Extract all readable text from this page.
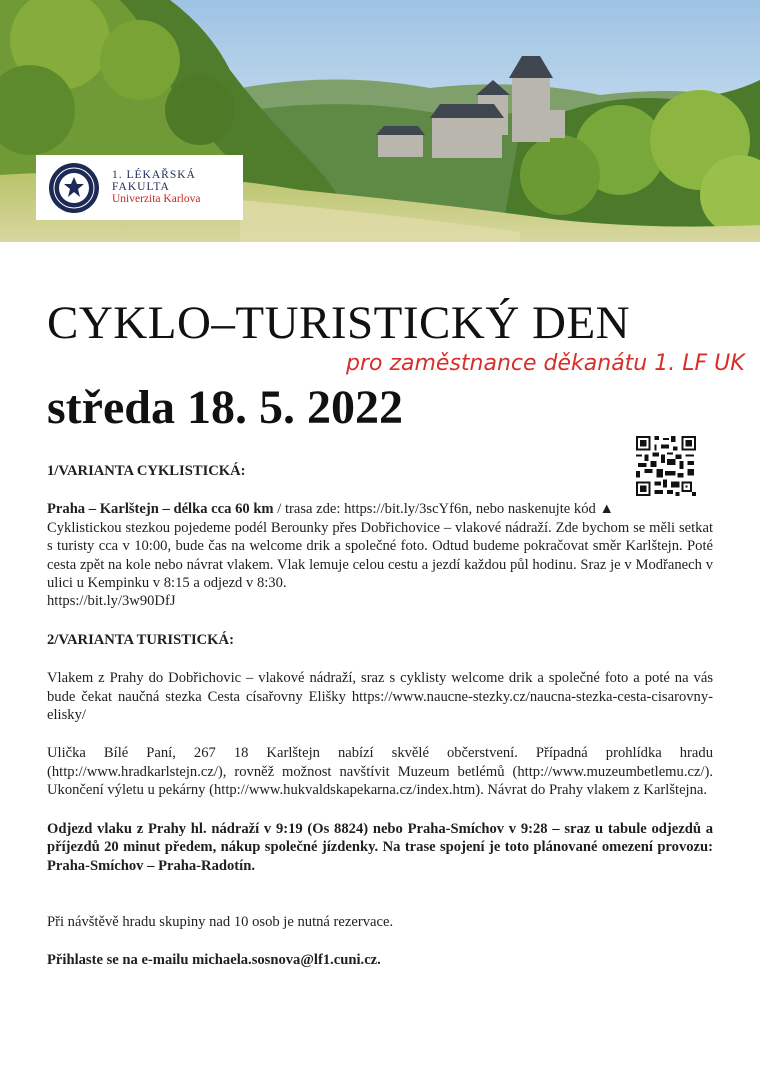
1. LÉKAŘSKÁ
FAKULTA
Univerzita Karlova
CYKLO–TURISTICKÝ DEN
pro zaměstnance děkanátu 1. LF UK
středa 18. 5. 2022

1/VARIANTA CYKLISTICKÁ:

Praha – Karlštejn – délka cca 60 km / trasa zde: https://bit.ly/3scYf6n, nebo naskenujte kód ▲

Cyklistickou stezkou pojedeme podél Berounky přes Dobřichovice – vlakové nádraží. Zde bychom se měli setkat s turisty cca v 10:00, bude čas na welcome drik a společné foto. Odtud budeme pokračovat směr Karlštejn. Poté cesta zpět na kole nebo návrat vlakem. Vlak lemuje celou cestu a jezdí každou půl hodinu. Sraz je v Modřanech v ulici u Kempinku v 8:15 a odjezd v 8:30.

https://bit.ly/3w90DfJ

2/VARIANTA TURISTICKÁ:

Vlakem z Prahy do Dobřichovic – vlakové nádraží, sraz s cyklisty welcome drik a společné foto a poté na vás bude čekat naučná stezka Cesta císařovny Elišky https://www.naucne-stezky.cz/naucna-stezka-cesta-cisarovny-elisky/

Ulička Bílé Paní, 267 18 Karlštejn nabízí skvělé občerstvení. Případná prohlídka hradu (http://www.hradkarlstejn.cz/), rovněž možnost navštívit Muzeum betlémů (http://www.muzeumbetlemu.cz/). Ukončení výletu u pekárny (http://www.hukvaldskapekarna.cz/index.htm). Návrat do Prahy vlakem z Karlštejna.

Odjezd vlaku z Prahy hl. nádraží v 9:19 (Os 8824) nebo Praha-Smíchov v 9:28 – sraz u tabule odjezdů a příjezdů 20 minut předem, nákup společné jízdenky. Na trase spojení je toto plánované omezení provozu: Praha-Smíchov – Praha-Radotín.

Při návštěvě hradu skupiny nad 10 osob je nutná rezervace.

Přihlaste se na e-mailu michaela.sosnova@lf1.cuni.cz.
